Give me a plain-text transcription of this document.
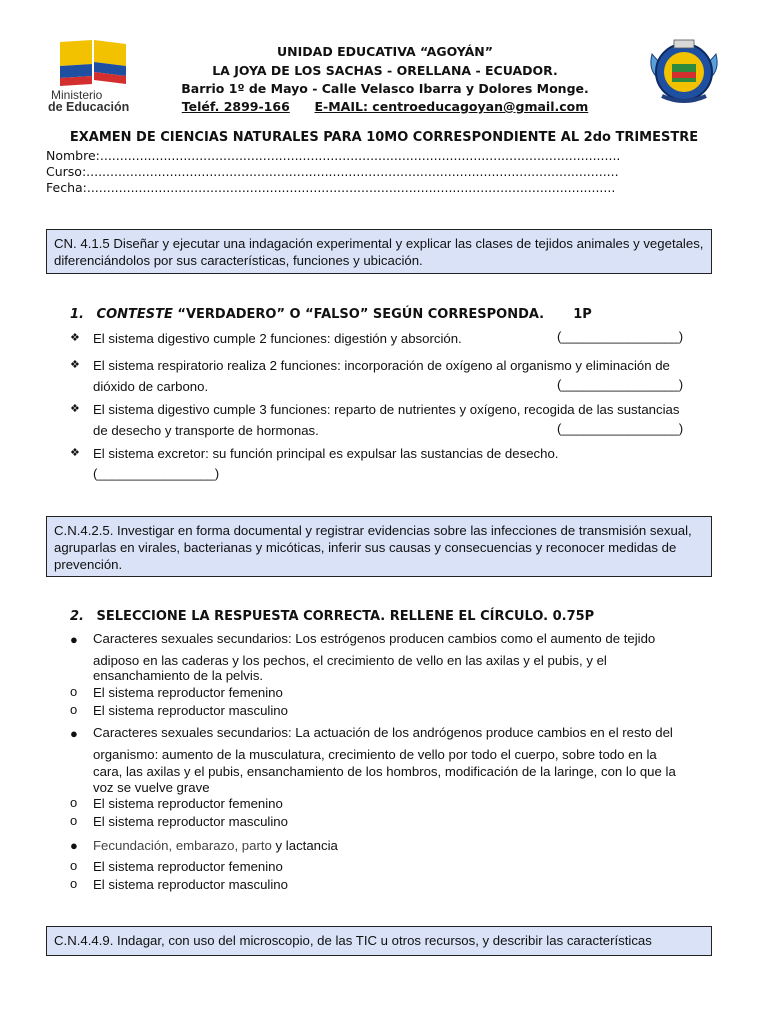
Ministerio
de Educación
UNIDAD EDUCATIVA “AGOYÁN”
LA JOYA DE LOS SACHAS - ORELLANA - ECUADOR.
Barrio 1º de Mayo - Calle Velasco Ibarra y Dolores Monge.
Teléf. 2899-166 E-MAIL: centroeducagoyan@gmail.com
EXAMEN DE CIENCIAS NATURALES PARA 10MO CORRESPONDIENTE AL 2do TRIMESTRE
Nombre:...................................................................................................................................
Curso:......................................................................................................................................
Fecha:.....................................................................................................................................
CN. 4.1.5 Diseñar y ejecutar una indagación experimental y explicar las clases de tejidos animales y vegetales, diferenciándolos por sus características, funciones y ubicación.
1. CONTESTE “VERDADERO” O “FALSO” SEGÚN CORRESPONDA. 1P
❖ El sistema digestivo cumple 2 funciones: digestión y absorción.	(________________)
❖ El sistema respiratorio realiza 2 funciones: incorporación de oxígeno al organismo y eliminación de
dióxido de carbono.	(________________)
❖ El sistema digestivo cumple 3 funciones: reparto de nutrientes y oxígeno, recogida de las sustancias
de desecho y transporte de hormonas.	(________________)
❖ El sistema excretor: su función principal es expulsar las sustancias de desecho.
(________________)
C.N.4.2.5. Investigar en forma documental y registrar evidencias sobre las infecciones de transmisión sexual, agruparlas en virales, bacterianas y micóticas, inferir sus causas y consecuencias y reconocer medidas de prevención.
2. SELECCIONE LA RESPUESTA CORRECTA. RELLENE EL CÍRCULO. 0.75P
● Caracteres sexuales secundarios: Los estrógenos producen cambios como el aumento de tejido
adiposo en las caderas y los pechos, el crecimiento de vello en las axilas y el pubis, y el
ensanchamiento de la pelvis.
o El sistema reproductor femenino
o El sistema reproductor masculino
● Caracteres sexuales secundarios: La actuación de los andrógenos produce cambios en el resto del
organismo: aumento de la musculatura, crecimiento de vello por todo el cuerpo, sobre todo en la
cara, las axilas y el pubis, ensanchamiento de los hombros, modificación de la laringe, con lo que la
voz se vuelve grave
o El sistema reproductor femenino
o El sistema reproductor masculino
● Fecundación, embarazo, parto y lactancia
o El sistema reproductor femenino
o El sistema reproductor masculino
C.N.4.4.9. Indagar, con uso del microscopio, de las TIC u otros recursos, y describir las características
